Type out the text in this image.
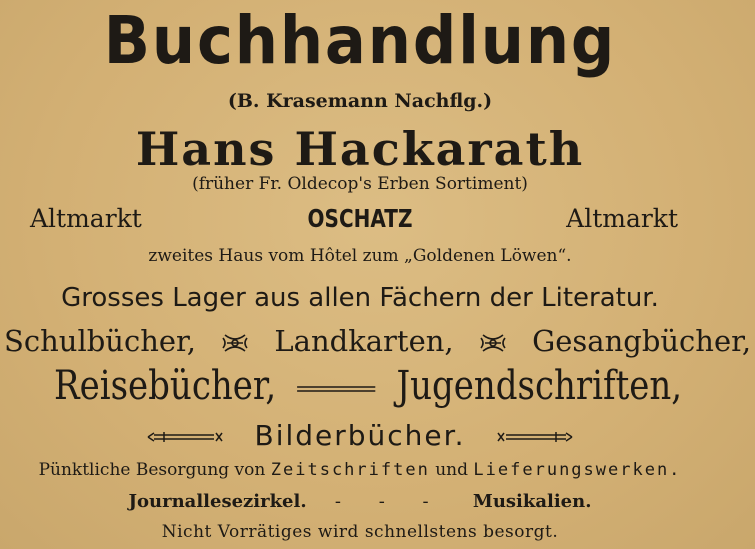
Buchhandlung
(B. Krasemann Nachflg.)
Hans Hackarath
(früher Fr. Oldecop's Erben Sortiment)
Altmarkt	OSCHATZ	Altmarkt
zweites Haus vom Hôtel zum „Goldenen Löwen“.
Grosses Lager aus allen Fächern der Literatur.
Schulbücher,	Landkarten,	Gesangbücher,
Reisebücher,	Jugendschriften,
Bilderbücher.
Pünktliche Besorgung von Zeitschriften und Lieferungswerken.
Journallesezirkel. - - - Musikalien.
Nicht Vorrätiges wird schnellstens besorgt.
